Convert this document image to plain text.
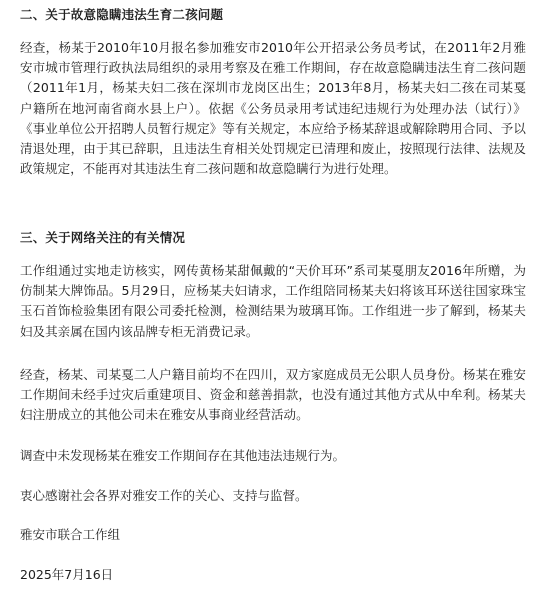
二、关于故意隐瞒违法生育二孩问题
经查，杨某于2010年10月报名参加雅安市2010年公开招录公务员考试，在2011年2月雅安市城市管理行政执法局组织的录用考察及在雅工作期间，存在故意隐瞒违法生育二孩问题（2011年1月，杨某夫妇二孩在深圳市龙岗区出生；2013年8月，杨某夫妇二孩在司某戛户籍所在地河南省商水县上户）。依据《公务员录用考试违纪违规行为处理办法（试行）》《事业单位公开招聘人员暂行规定》等有关规定，本应给予杨某辞退或解除聘用合同、予以清退处理，由于其已辞职，且违法生育相关处罚规定已清理和废止，按照现行法律、法规及政策规定，不能再对其违法生育二孩问题和故意隐瞒行为进行处理。
三、关于网络关注的有关情况
工作组通过实地走访核实，网传黄杨某甜佩戴的“天价耳环”系司某戛朋友2016年所赠，为仿制某大牌饰品。5月29日，应杨某夫妇请求，工作组陪同杨某夫妇将该耳环送往国家珠宝玉石首饰检验集团有限公司委托检测，检测结果为玻璃耳饰。工作组进一步了解到，杨某夫妇及其亲属在国内该品牌专柜无消费记录。
经查，杨某、司某戛二人户籍目前均不在四川，双方家庭成员无公职人员身份。杨某在雅安工作期间未经手过灾后重建项目、资金和慈善捐款，也没有通过其他方式从中牟利。杨某夫妇注册成立的其他公司未在雅安从事商业经营活动。
调查中未发现杨某在雅安工作期间存在其他违法违规行为。
衷心感谢社会各界对雅安工作的关心、支持与监督。
雅安市联合工作组
2025年7月16日
